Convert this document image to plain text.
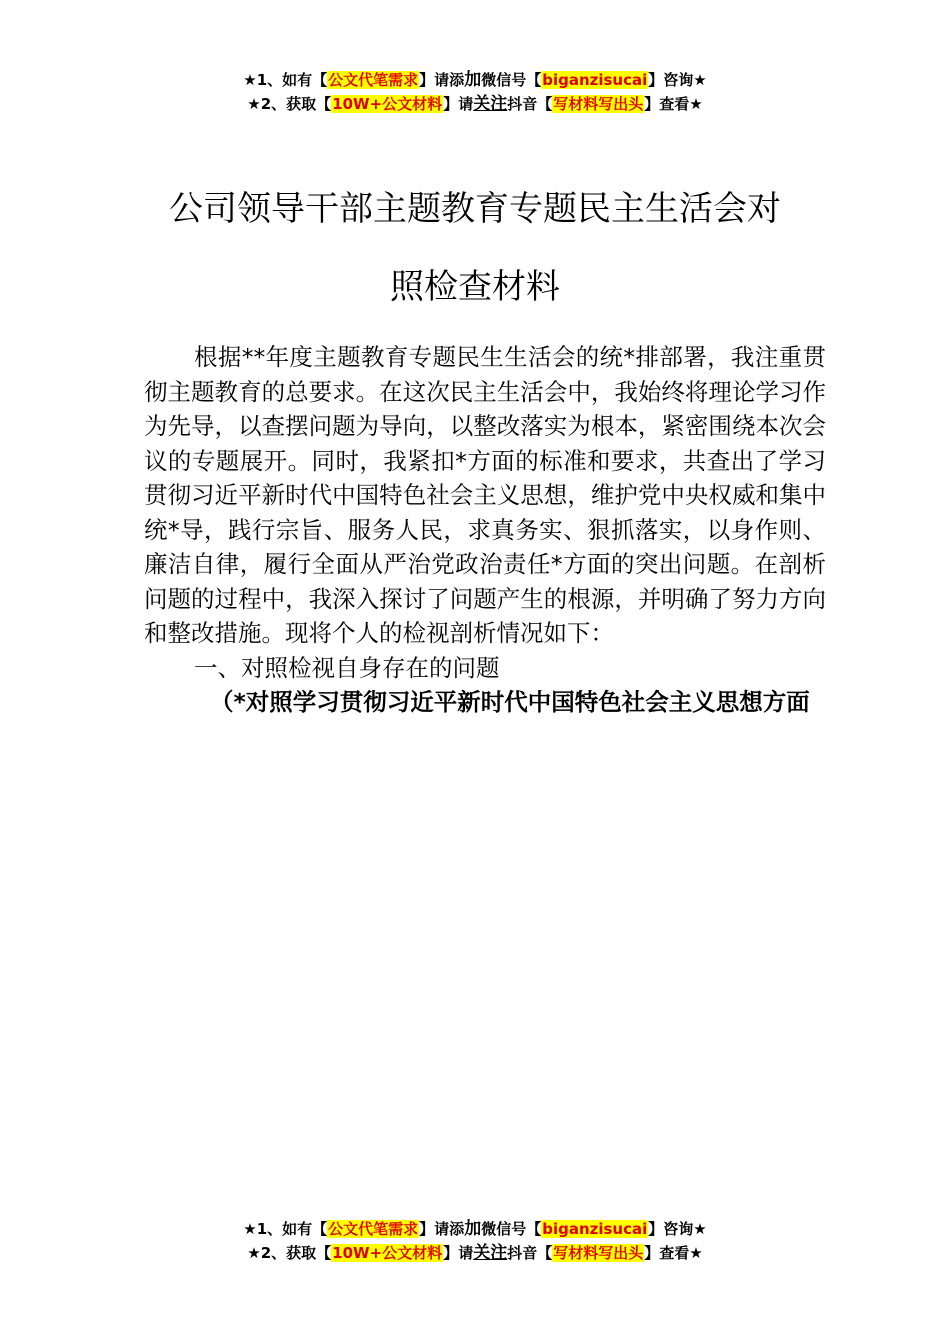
★1、如有【公文代笔需求】请添加微信号【biganzisucai】咨询★
★2、获取【10W+公文材料】请关注抖音【写材料写出头】查看★
公司领导干部主题教育专题民主生活会对
照检查材料

根据**年度主题教育专题民生生活会的统*排部署，我注重贯彻主题教育的总要求。在这次民主生活会中，我始终将理论学习作为先导，以查摆问题为导向，以整改落实为根本，紧密围绕本次会议的专题展开。同时，我紧扣*方面的标准和要求，共查出了学习贯彻习近平新时代中国特色社会主义思想，维护党中央权威和集中统*导，践行宗旨、服务人民，求真务实、狠抓落实，以身作则、廉洁自律，履行全面从严治党政治责任*方面的突出问题。在剖析问题的过程中，我深入探讨了问题产生的根源，并明确了努力方向和整改措施。现将个人的检视剖析情况如下：

一、对照检视自身存在的问题
（*对照学习贯彻习近平新时代中国特色社会主义思想方面
★1、如有【公文代笔需求】请添加微信号【biganzisucai】咨询★
★2、获取【10W+公文材料】请关注抖音【写材料写出头】查看★
